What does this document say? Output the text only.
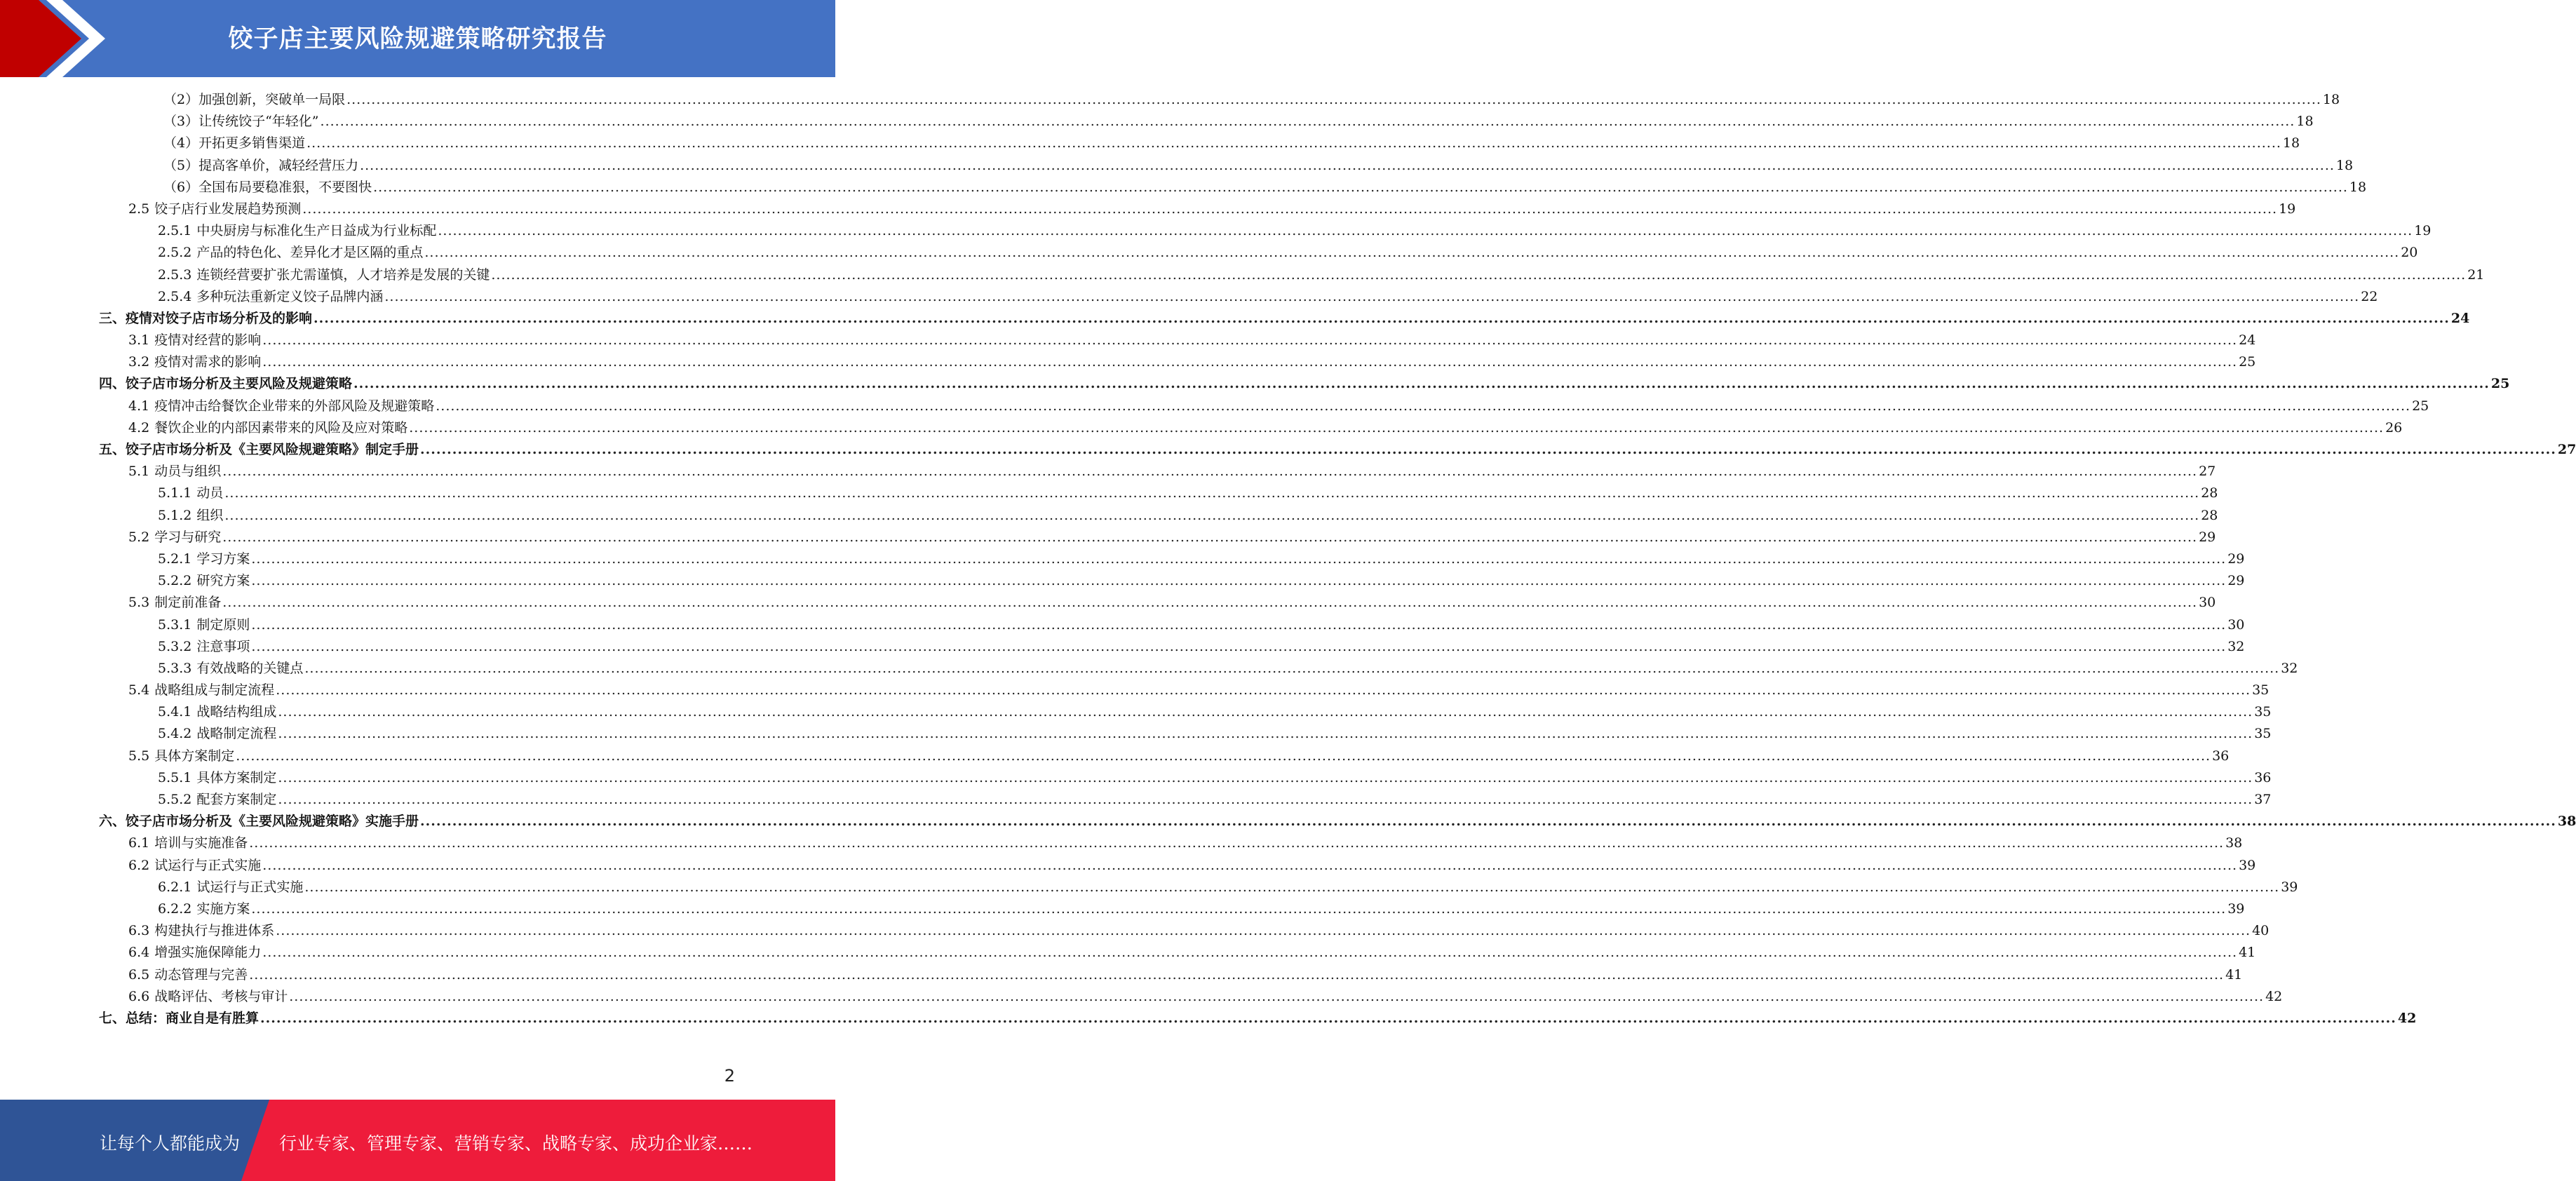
饺子店主要风险规避策略研究报告
（2）加强创新，突破单一局限 ................................................................................................................................................................................................................................................................................................................................................................................................................ 18
（3）让传统饺子“年轻化” ................................................................................................................................................................................................................................................................................................................................................................................................................ 18
（4）开拓更多销售渠道 ................................................................................................................................................................................................................................................................................................................................................................................................................ 18
（5）提高客单价，减轻经营压力 ................................................................................................................................................................................................................................................................................................................................................................................................................ 18
（6）全国布局要稳准狠，不要图快 ................................................................................................................................................................................................................................................................................................................................................................................................................ 18
2.5 饺子店行业发展趋势预测 ................................................................................................................................................................................................................................................................................................................................................................................................................ 19
2.5.1 中央厨房与标准化生产日益成为行业标配 ................................................................................................................................................................................................................................................................................................................................................................................................................ 19
2.5.2 产品的特色化、差异化才是区隔的重点 ................................................................................................................................................................................................................................................................................................................................................................................................................ 20
2.5.3 连锁经营要扩张尤需谨慎，人才培养是发展的关键 ................................................................................................................................................................................................................................................................................................................................................................................................................ 21
2.5.4 多种玩法重新定义饺子品牌内涵 ................................................................................................................................................................................................................................................................................................................................................................................................................ 22
三、疫情对饺子店市场分析及的影响 ................................................................................................................................................................................................................................................................................................................................................................................................................ 24
3.1 疫情对经营的影响 ................................................................................................................................................................................................................................................................................................................................................................................................................ 24
3.2 疫情对需求的影响 ................................................................................................................................................................................................................................................................................................................................................................................................................ 25
四、饺子店市场分析及主要风险及规避策略 ................................................................................................................................................................................................................................................................................................................................................................................................................ 25
4.1 疫情冲击给餐饮企业带来的外部风险及规避策略 ................................................................................................................................................................................................................................................................................................................................................................................................................ 25
4.2 餐饮企业的内部因素带来的风险及应对策略 ................................................................................................................................................................................................................................................................................................................................................................................................................ 26
五、饺子店市场分析及《主要风险规避策略》制定手册 ................................................................................................................................................................................................................................................................................................................................................................................................................ 27
5.1 动员与组织 ................................................................................................................................................................................................................................................................................................................................................................................................................ 27
5.1.1 动员 ................................................................................................................................................................................................................................................................................................................................................................................................................ 28
5.1.2 组织 ................................................................................................................................................................................................................................................................................................................................................................................................................ 28
5.2 学习与研究 ................................................................................................................................................................................................................................................................................................................................................................................................................ 29
5.2.1 学习方案 ................................................................................................................................................................................................................................................................................................................................................................................................................ 29
5.2.2 研究方案 ................................................................................................................................................................................................................................................................................................................................................................................................................ 29
5.3 制定前准备 ................................................................................................................................................................................................................................................................................................................................................................................................................ 30
5.3.1 制定原则 ................................................................................................................................................................................................................................................................................................................................................................................................................ 30
5.3.2 注意事项 ................................................................................................................................................................................................................................................................................................................................................................................................................ 32
5.3.3 有效战略的关键点 ................................................................................................................................................................................................................................................................................................................................................................................................................ 32
5.4 战略组成与制定流程 ................................................................................................................................................................................................................................................................................................................................................................................................................ 35
5.4.1 战略结构组成 ................................................................................................................................................................................................................................................................................................................................................................................................................ 35
5.4.2 战略制定流程 ................................................................................................................................................................................................................................................................................................................................................................................................................ 35
5.5 具体方案制定 ................................................................................................................................................................................................................................................................................................................................................................................................................ 36
5.5.1 具体方案制定 ................................................................................................................................................................................................................................................................................................................................................................................................................ 36
5.5.2 配套方案制定 ................................................................................................................................................................................................................................................................................................................................................................................................................ 37
六、饺子店市场分析及《主要风险规避策略》实施手册 ................................................................................................................................................................................................................................................................................................................................................................................................................ 38
6.1 培训与实施准备 ................................................................................................................................................................................................................................................................................................................................................................................................................ 38
6.2 试运行与正式实施 ................................................................................................................................................................................................................................................................................................................................................................................................................ 39
6.2.1 试运行与正式实施 ................................................................................................................................................................................................................................................................................................................................................................................................................ 39
6.2.2 实施方案 ................................................................................................................................................................................................................................................................................................................................................................................................................ 39
6.3 构建执行与推进体系 ................................................................................................................................................................................................................................................................................................................................................................................................................ 40
6.4 增强实施保障能力 ................................................................................................................................................................................................................................................................................................................................................................................................................ 41
6.5 动态管理与完善 ................................................................................................................................................................................................................................................................................................................................................................................................................ 41
6.6 战略评估、考核与审计 ................................................................................................................................................................................................................................................................................................................................................................................................................ 42
七、总结：商业自是有胜算 ................................................................................................................................................................................................................................................................................................................................................................................................................ 42
2
让每个人都能成为 行业专家、管理专家、营销专家、战略专家、成功企业家……
